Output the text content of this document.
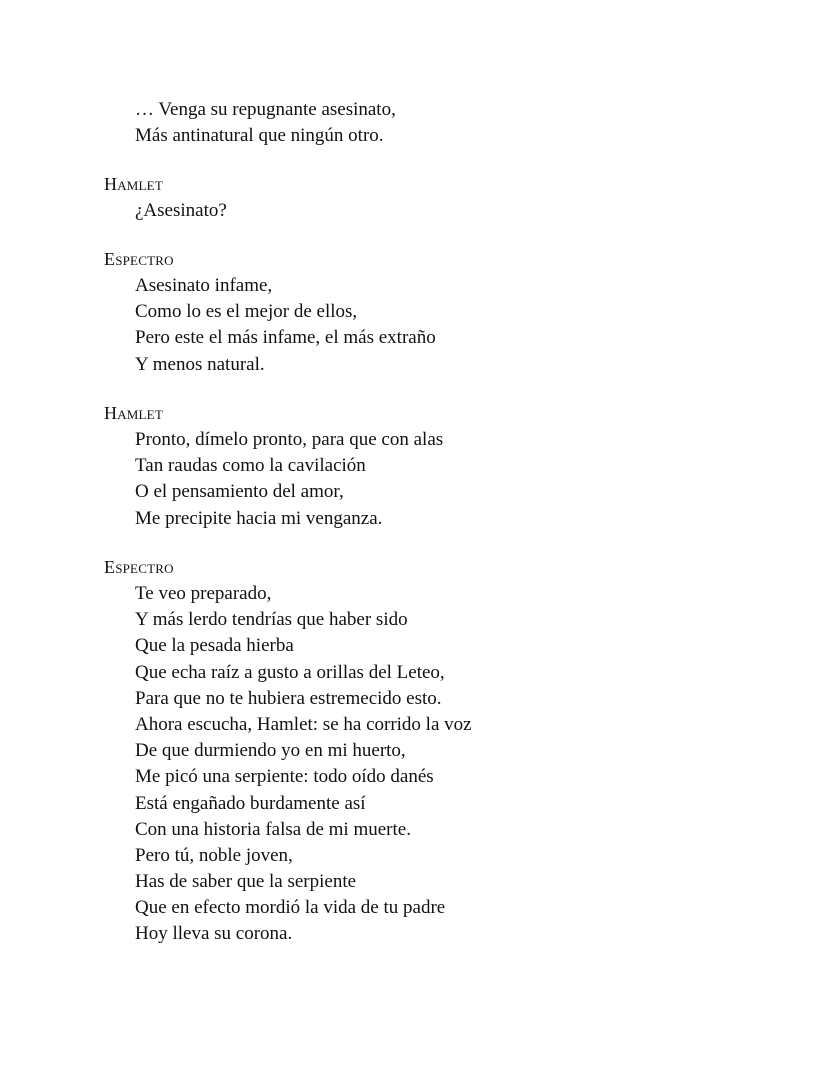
… Venga su repugnante asesinato,
Más antinatural que ningún otro.
Hamlet
¿Asesinato?
Espectro
Asesinato infame,
Como lo es el mejor de ellos,
Pero este el más infame, el más extraño
Y menos natural.
Hamlet
Pronto, dímelo pronto, para que con alas
Tan raudas como la cavilación
O el pensamiento del amor,
Me precipite hacia mi venganza.
Espectro
Te veo preparado,
Y más lerdo tendrías que haber sido
Que la pesada hierba
Que echa raíz a gusto a orillas del Leteo,
Para que no te hubiera estremecido esto.
Ahora escucha, Hamlet: se ha corrido la voz
De que durmiendo yo en mi huerto,
Me picó una serpiente: todo oído danés
Está engañado burdamente así
Con una historia falsa de mi muerte.
Pero tú, noble joven,
Has de saber que la serpiente
Que en efecto mordió la vida de tu padre
Hoy lleva su corona.
